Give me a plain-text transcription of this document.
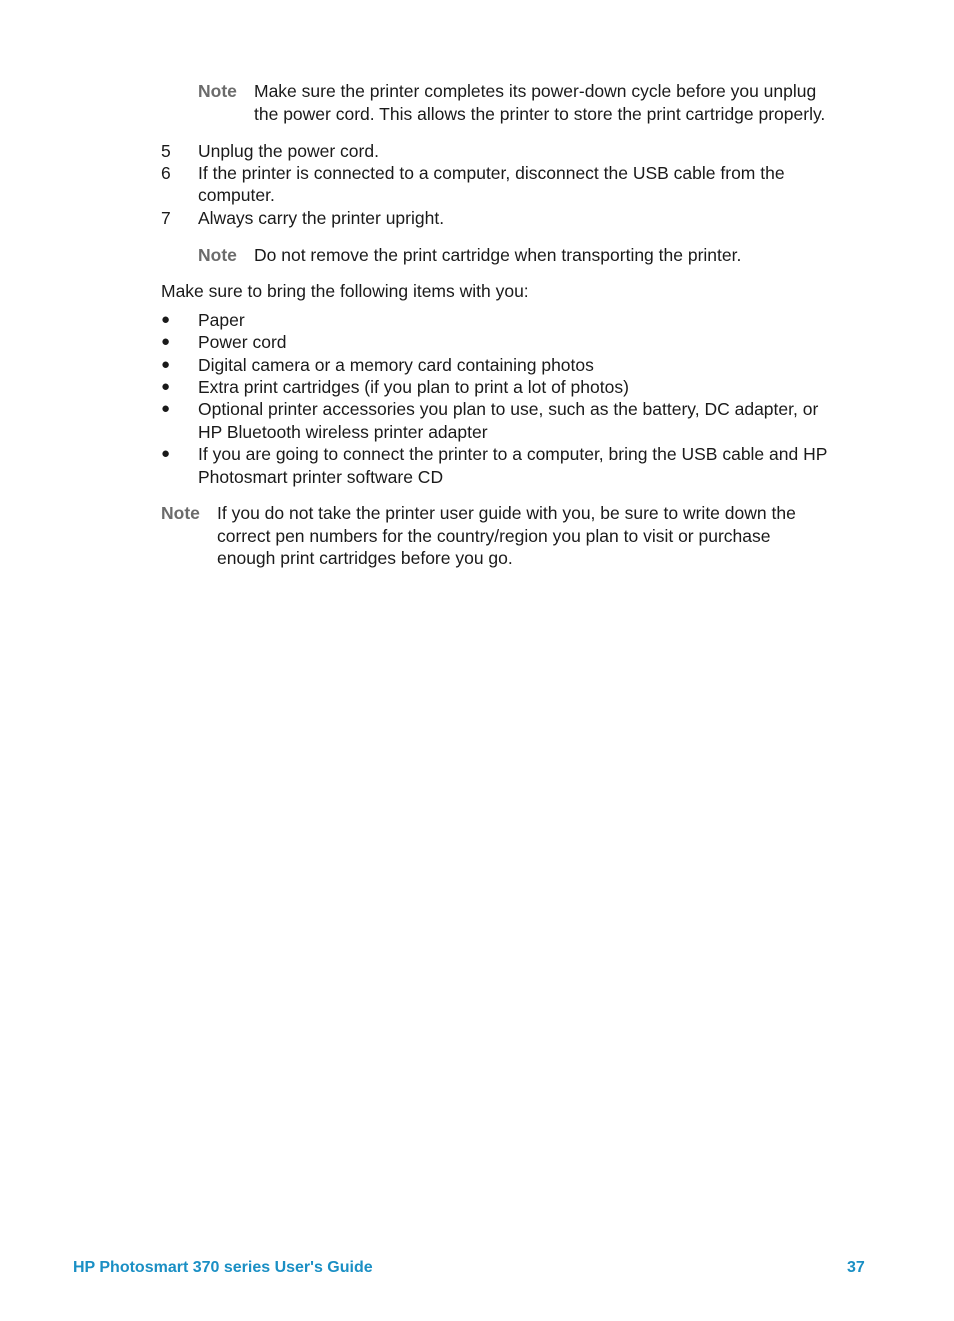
Note Make sure the printer completes its power-down cycle before you unplug
the power cord. This allows the printer to store the print cartridge properly.
5 Unplug the power cord.
6 If the printer is connected to a computer, disconnect the USB cable from the
computer.
7 Always carry the printer upright.
Note Do not remove the print cartridge when transporting the printer.
Make sure to bring the following items with you:
● Paper
● Power cord
● Digital camera or a memory card containing photos
● Extra print cartridges (if you plan to print a lot of photos)
● Optional printer accessories you plan to use, such as the battery, DC adapter, or
HP Bluetooth wireless printer adapter
● If you are going to connect the printer to a computer, bring the USB cable and HP
Photosmart printer software CD
Note If you do not take the printer user guide with you, be sure to write down the
correct pen numbers for the country/region you plan to visit or purchase
enough print cartridges before you go.
HP Photosmart 370 series User's Guide	37
